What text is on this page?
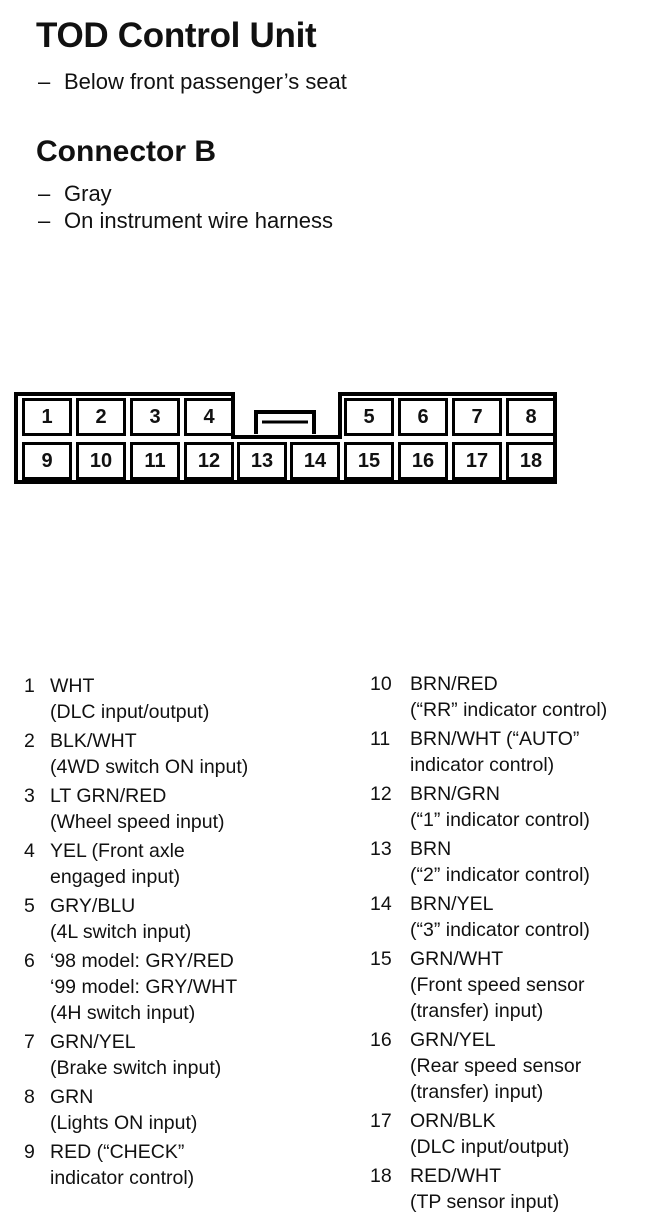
TOD Control Unit
– Below front passenger’s seat
Connector B
– Gray
– On instrument wire harness
1	2	3	4	5	6	7	8
9	10	11	12	13	14	15	16	17	18
1 WHT
(DLC input/output)
2 BLK/WHT
(4WD switch ON input)
3 LT GRN/RED
(Wheel speed input)
4 YEL (Front axle
engaged input)
5 GRY/BLU
(4L switch input)
6 ‘98 model: GRY/RED
‘99 model: GRY/WHT
(4H switch input)
7 GRN/YEL
(Brake switch input)
8 GRN
(Lights ON input)
9 RED (“CHECK”
indicator control)
10 BRN/RED
(“RR” indicator control)
11 BRN/WHT (“AUTO”
indicator control)
12 BRN/GRN
(“1” indicator control)
13 BRN
(“2” indicator control)
14 BRN/YEL
(“3” indicator control)
15 GRN/WHT
(Front speed sensor
(transfer) input)
16 GRN/YEL
(Rear speed sensor
(transfer) input)
17 ORN/BLK
(DLC input/output)
18 RED/WHT
(TP sensor input)
